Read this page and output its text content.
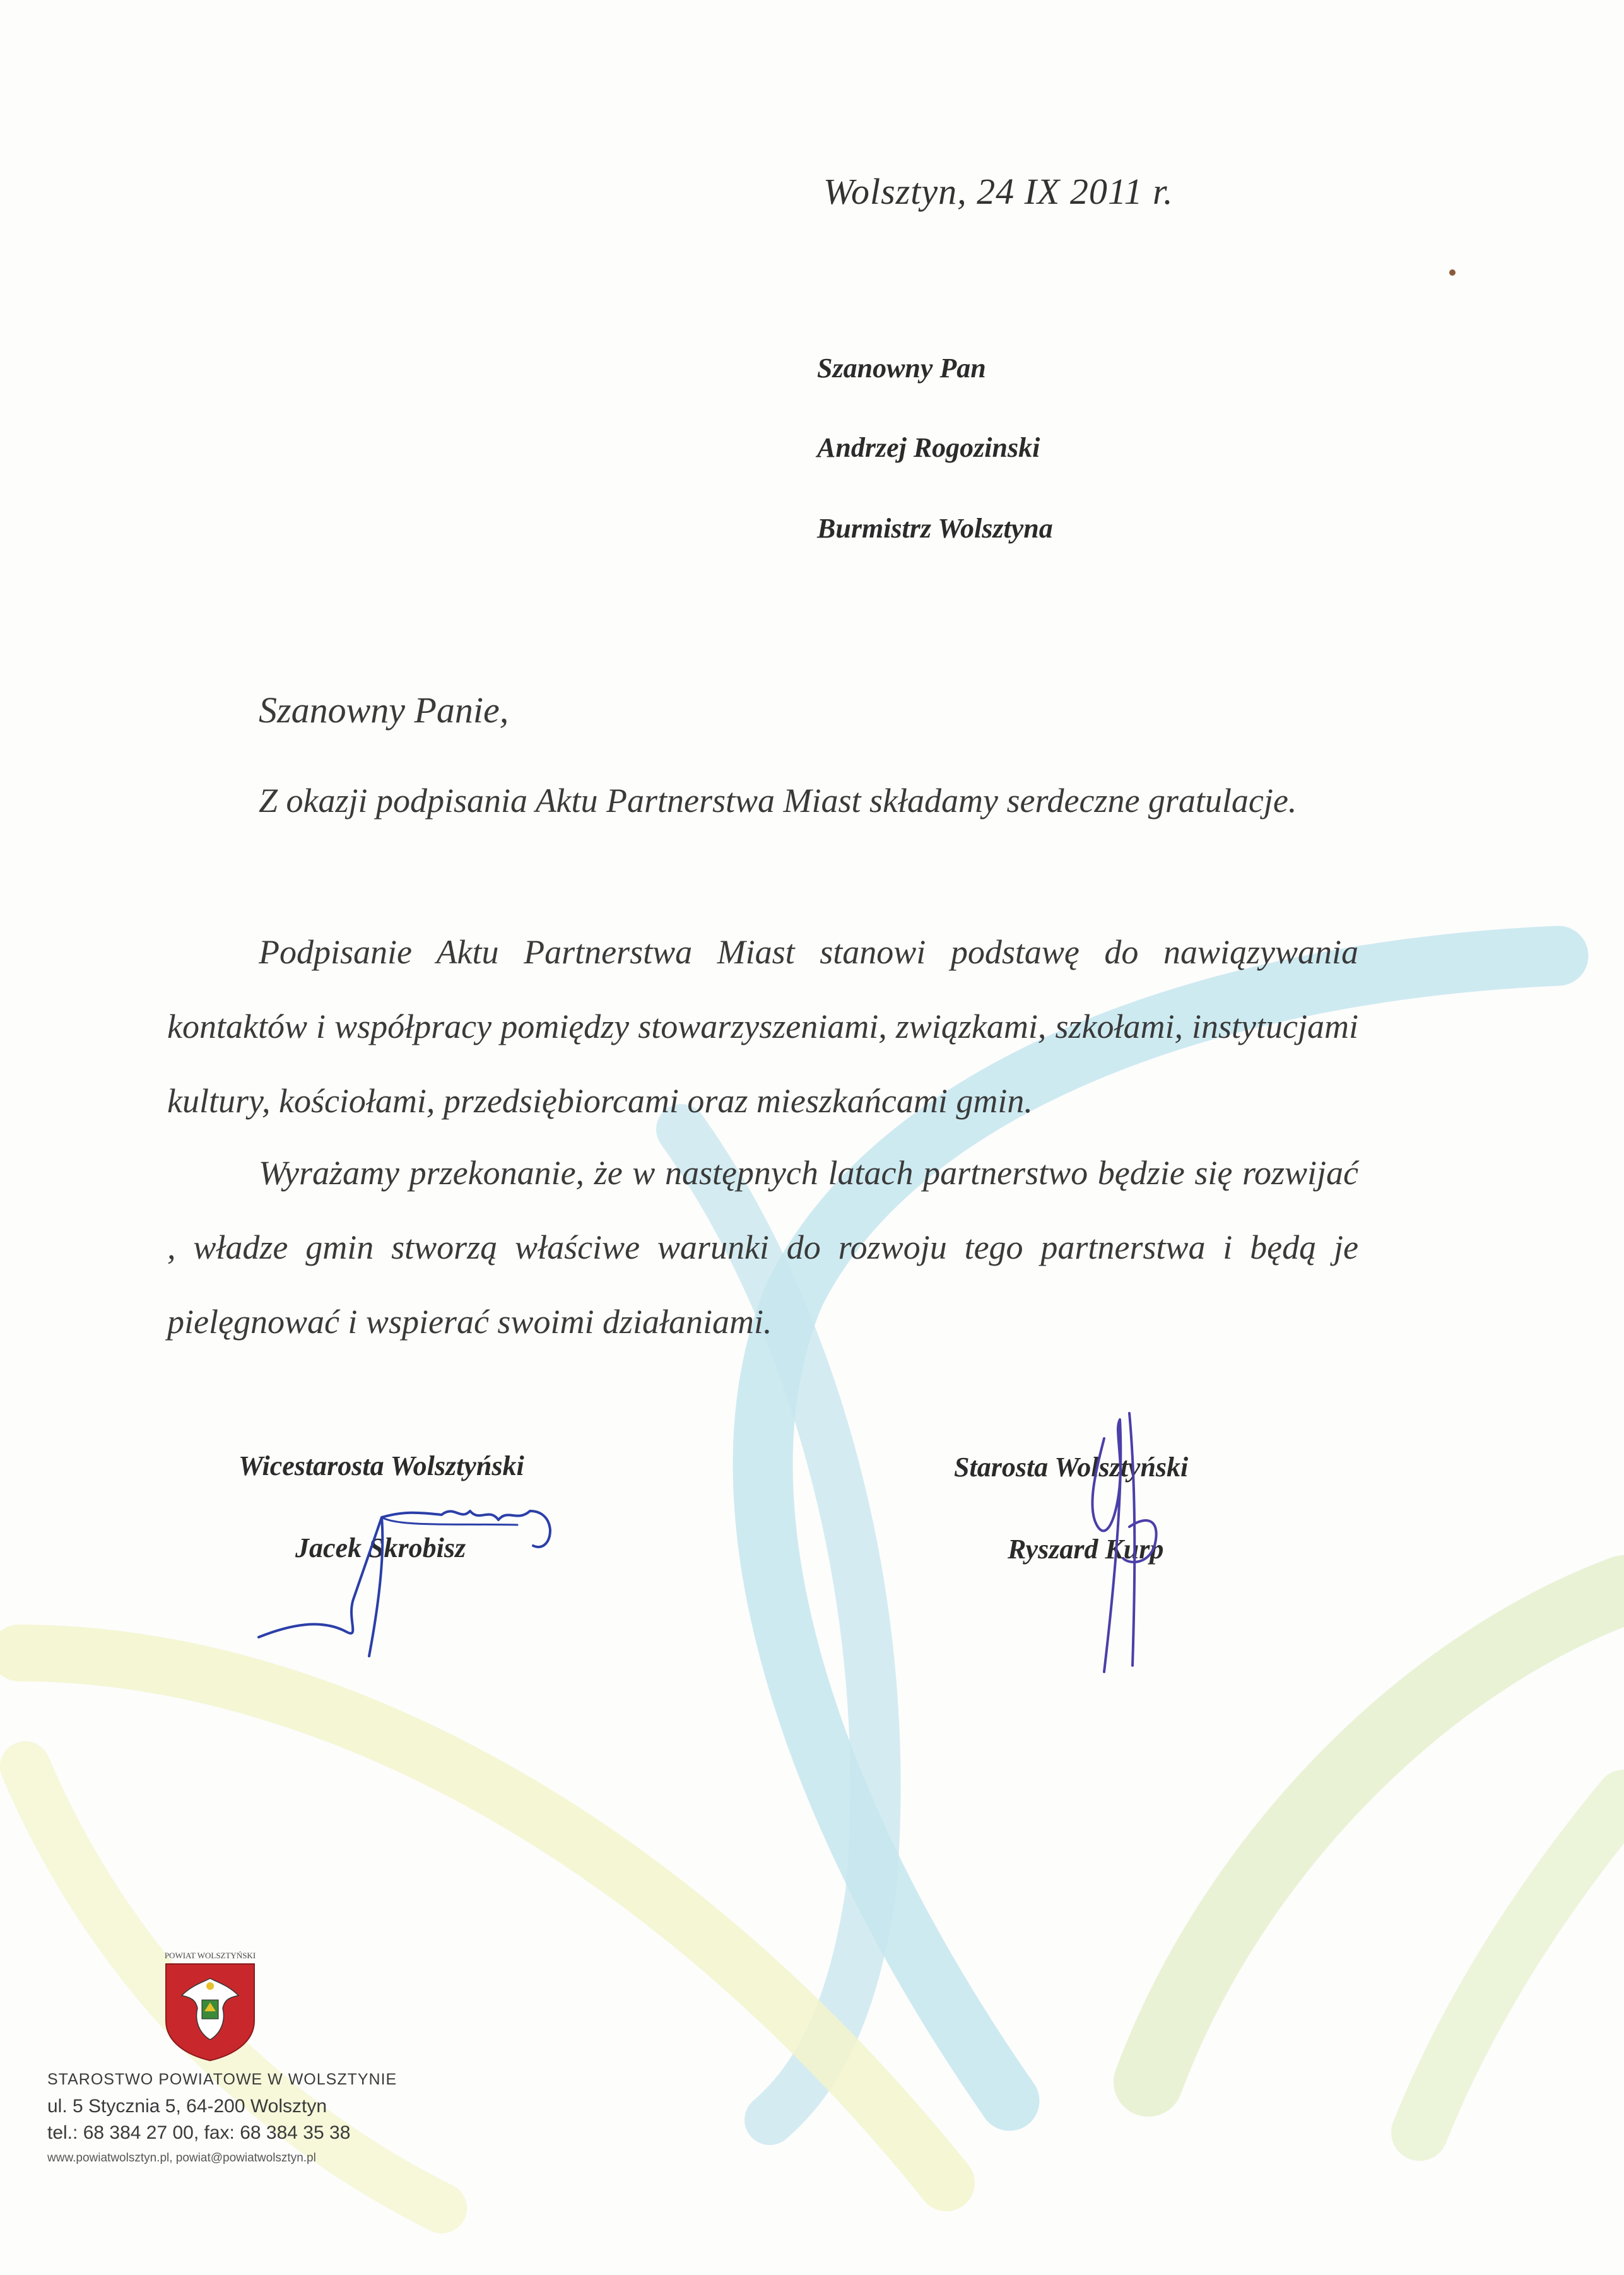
Wolsztyn, 24 IX 2011 r.
Szanowny Pan
Andrzej Rogozinski
Burmistrz Wolsztyna
Szanowny Panie,

Z okazji podpisania Aktu Partnerstwa Miast składamy serdeczne gratulacje.

Podpisanie Aktu Partnerstwa Miast stanowi podstawę do nawiązywania kontaktów i współpracy pomiędzy stowarzyszeniami, związkami, szkołami, instytucjami kultury, kościołami, przedsiębiorcami oraz mieszkańcami gmin.

Wyrażamy przekonanie, że w następnych latach partnerstwo będzie się rozwijać , władze gmin stworzą właściwe warunki do rozwoju tego partnerstwa i będą je pielęgnować i wspierać swoimi działaniami.

Wicestarosta Wolsztyński
Jacek Skrobisz
Starosta Wolsztyński
Ryszard Kurp
POWIAT WOLSZTYŃSKI
STAROSTWO POWIATOWE W WOLSZTYNIE
ul. 5 Stycznia 5, 64-200 Wolsztyn
tel.: 68 384 27 00, fax: 68 384 35 38
www.powiatwolsztyn.pl, powiat@powiatwolsztyn.pl
